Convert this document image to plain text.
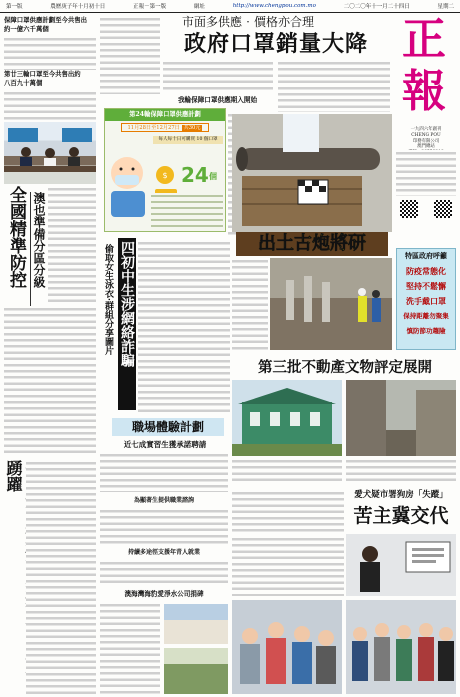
第一版	農歷庚子年十月初十日	正報－第一版	網址	http://www.chengpou.com.mo	二〇二〇年十一月二十四日	星期二
保障口罩供應計劃至今共售出
約一億六千萬個
第廿三輪口罩至今共售出約
八百九十萬個
全國精準防控 澳也準備分區分級
踴躍
市面多供應‧價格亦合理
政府口罩銷量大降
我輪保障口罩供應期入開始
第24輪保障口罩供應計劃
11月28日至12月27日 共30元
每人每十日可購買 10 個口罩
$ 24 個
出土古炮將研
特區政府呼籲
防疫常態化
堅持不鬆懈
洗手戴口罩
保持距離勿聚集
慎防節功趨險
正
報
一九四六年創刊
CHENG POU
印務有限公司
澳門總站
四初中生涉網絡詐騙
偷取女生泳衣‧群組分享圖片
職場體驗計劃
近七成實習生獲承諾聘請
為顯著生提供職業諮詢
持續多途徑支援年青人就業
澳海灣海豹愛淨水公司捐碑
第三批不動產文物評定展開
愛犬疑市署狗房「失蹤」
苦主冀交代
